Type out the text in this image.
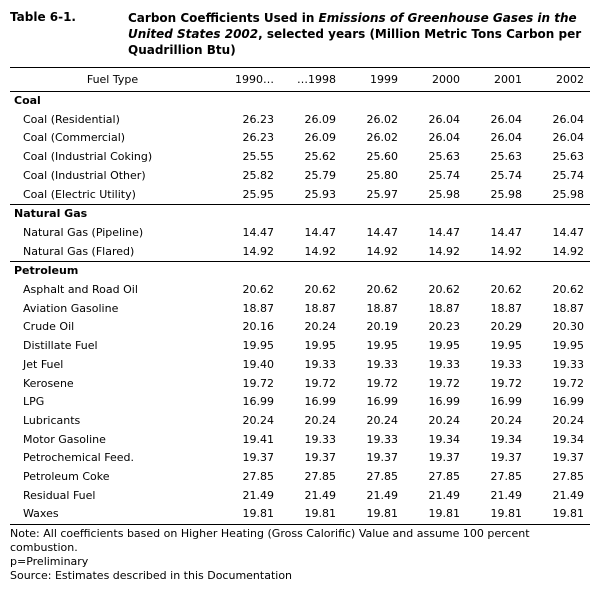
Table 6-1.	Carbon Coefficients Used in Emissions of Greenhouse Gases in the United States 2002, selected years (Million Metric Tons Carbon per Quadrillion Btu)
Fuel Type	1990…	…1998	1999	2000	2001	2002
Coal						
Coal (Residential)	26.23	26.09	26.02	26.04	26.04	26.04
Coal (Commercial)	26.23	26.09	26.02	26.04	26.04	26.04
Coal (Industrial Coking)	25.55	25.62	25.60	25.63	25.63	25.63
Coal (Industrial Other)	25.82	25.79	25.80	25.74	25.74	25.74
Coal (Electric Utility)	25.95	25.93	25.97	25.98	25.98	25.98
Natural Gas						
Natural Gas (Pipeline)	14.47	14.47	14.47	14.47	14.47	14.47
Natural Gas (Flared)	14.92	14.92	14.92	14.92	14.92	14.92
Petroleum						
Asphalt and Road Oil	20.62	20.62	20.62	20.62	20.62	20.62
Aviation Gasoline	18.87	18.87	18.87	18.87	18.87	18.87
Crude Oil	20.16	20.24	20.19	20.23	20.29	20.30
Distillate Fuel	19.95	19.95	19.95	19.95	19.95	19.95
Jet Fuel	19.40	19.33	19.33	19.33	19.33	19.33
Kerosene	19.72	19.72	19.72	19.72	19.72	19.72
LPG	16.99	16.99	16.99	16.99	16.99	16.99
Lubricants	20.24	20.24	20.24	20.24	20.24	20.24
Motor Gasoline	19.41	19.33	19.33	19.34	19.34	19.34
Petrochemical Feed.	19.37	19.37	19.37	19.37	19.37	19.37
Petroleum Coke	27.85	27.85	27.85	27.85	27.85	27.85
Residual Fuel	21.49	21.49	21.49	21.49	21.49	21.49
Waxes	19.81	19.81	19.81	19.81	19.81	19.81
Note: All coefficients based on Higher Heating (Gross Calorific) Value and assume 100 percent combustion.
p=Preliminary
Source: Estimates described in this Documentation
